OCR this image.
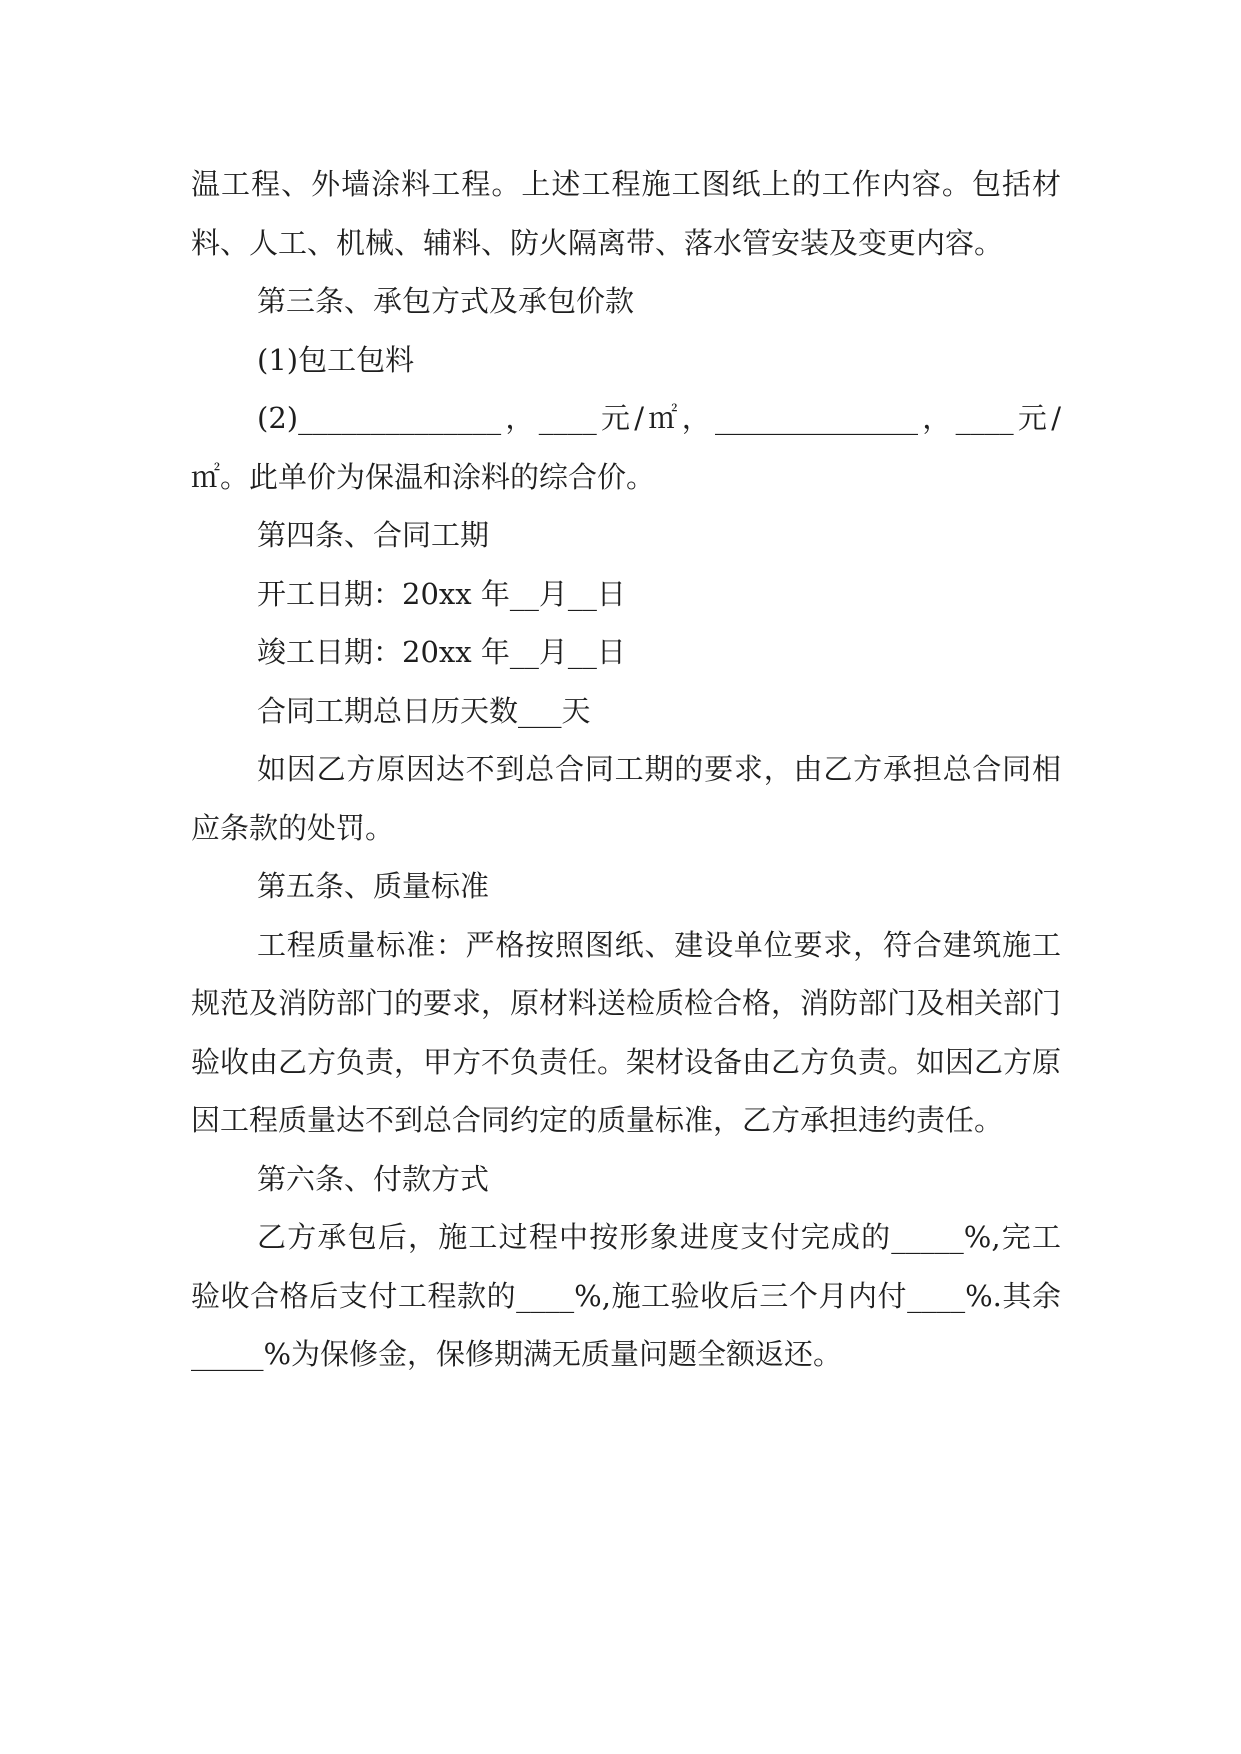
温工程、外墙涂料工程。上述工程施工图纸上的工作内容。包括材料、人工、机械、辅料、防火隔离带、落水管安装及变更内容。

第三条、承包方式及承包价款

(1)包工包料

(2)______________，____元/㎡，______________，____元/㎡。此单价为保温和涂料的综合价。

第四条、合同工期

开工日期：20xx 年__月__日

竣工日期：20xx 年__月__日

合同工期总日历天数___天

如因乙方原因达不到总合同工期的要求，由乙方承担总合同相应条款的处罚。

第五条、质量标准

工程质量标准：严格按照图纸、建设单位要求，符合建筑施工规范及消防部门的要求，原材料送检质检合格，消防部门及相关部门验收由乙方负责，甲方不负责任。架材设备由乙方负责。如因乙方原因工程质量达不到总合同约定的质量标准，乙方承担违约责任。

第六条、付款方式

乙方承包后，施工过程中按形象进度支付完成的_____%,完工验收合格后支付工程款的____%,施工验收后三个月内付____%.其余_____%为保修金，保修期满无质量问题全额返还。
